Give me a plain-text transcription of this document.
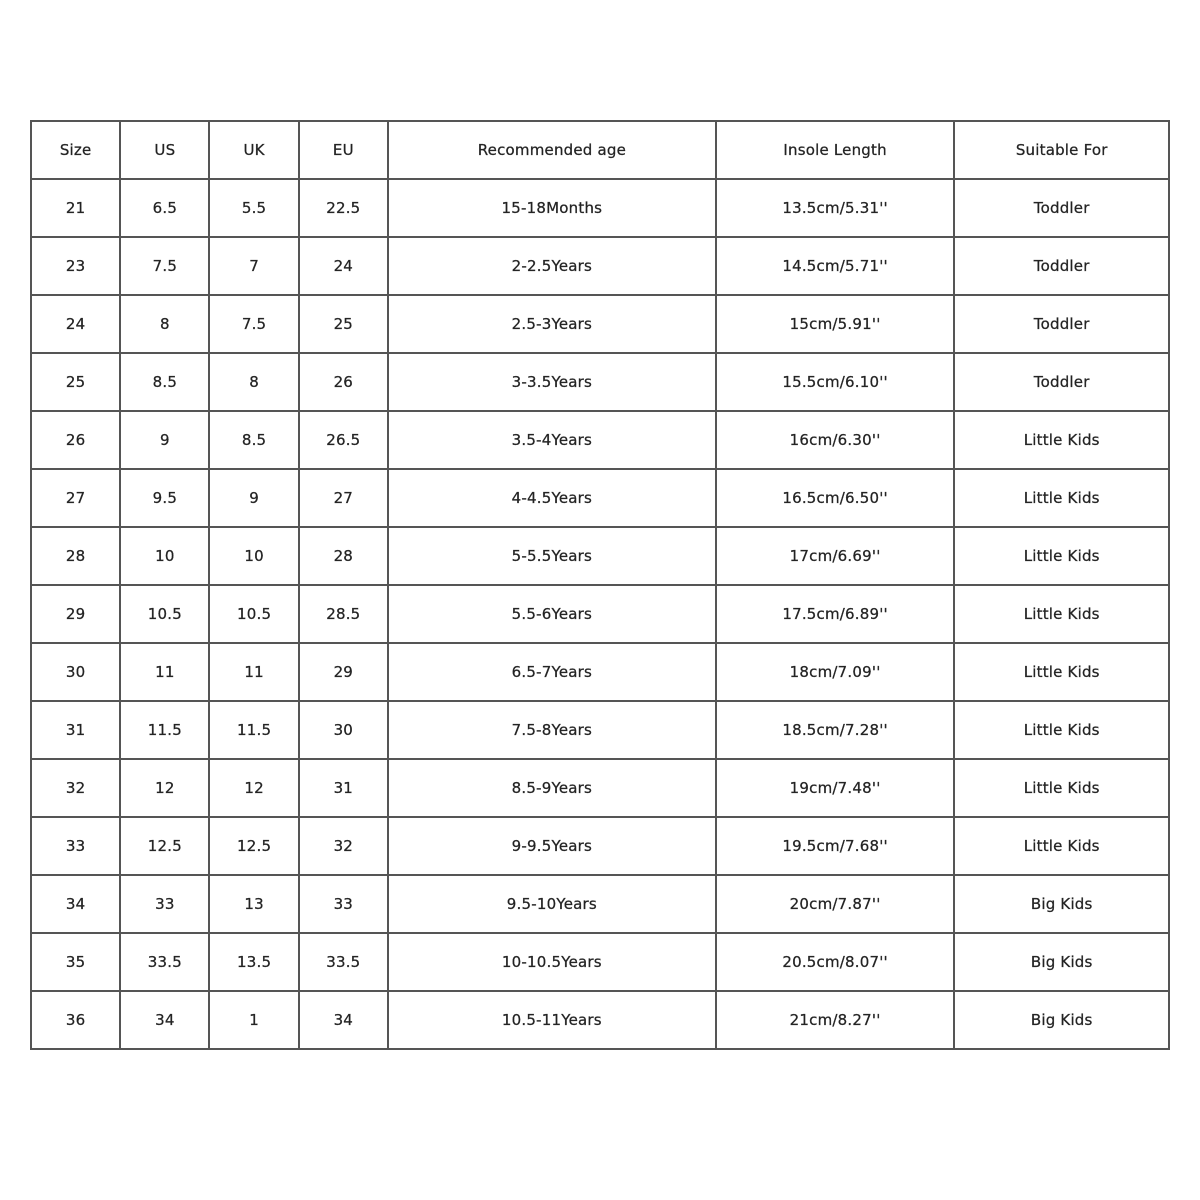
Size	US	UK	EU	Recommended age	Insole Length	Suitable For
21	6.5	5.5	22.5	15-18Months	13.5cm/5.31''	Toddler
23	7.5	7	24	2-2.5Years	14.5cm/5.71''	Toddler
24	8	7.5	25	2.5-3Years	15cm/5.91''	Toddler
25	8.5	8	26	3-3.5Years	15.5cm/6.10''	Toddler
26	9	8.5	26.5	3.5-4Years	16cm/6.30''	Little Kids
27	9.5	9	27	4-4.5Years	16.5cm/6.50''	Little Kids
28	10	10	28	5-5.5Years	17cm/6.69''	Little Kids
29	10.5	10.5	28.5	5.5-6Years	17.5cm/6.89''	Little Kids
30	11	11	29	6.5-7Years	18cm/7.09''	Little Kids
31	11.5	11.5	30	7.5-8Years	18.5cm/7.28''	Little Kids
32	12	12	31	8.5-9Years	19cm/7.48''	Little Kids
33	12.5	12.5	32	9-9.5Years	19.5cm/7.68''	Little Kids
34	33	13	33	9.5-10Years	20cm/7.87''	Big Kids
35	33.5	13.5	33.5	10-10.5Years	20.5cm/8.07''	Big Kids
36	34	1	34	10.5-11Years	21cm/8.27''	Big Kids
